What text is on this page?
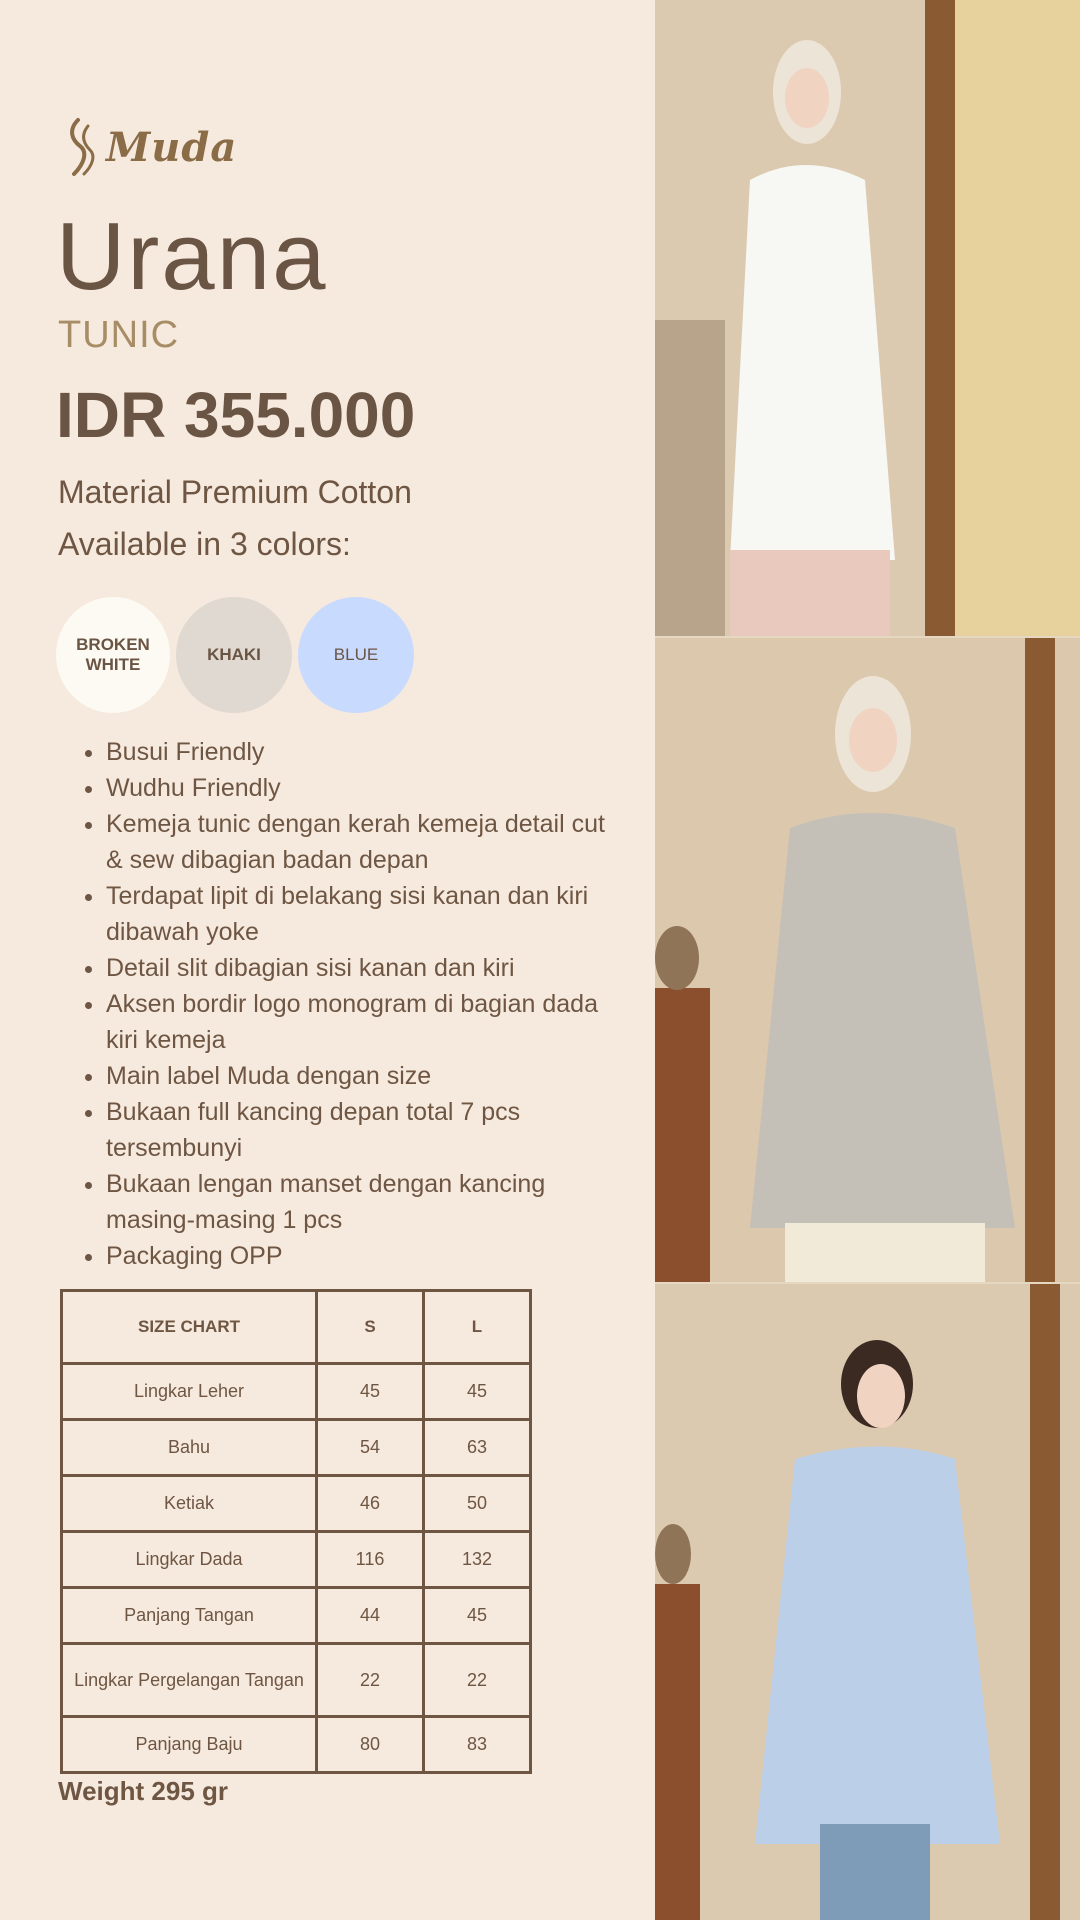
Muda
Urana
TUNIC
IDR 355.000
Material Premium Cotton
Available in 3 colors:
BROKEN
WHITE
KHAKI	BLUE
• Busui Friendly
• Wudhu Friendly
• Kemeja tunic dengan kerah kemeja detail cut & sew dibagian badan depan
• Terdapat lipit di belakang sisi kanan dan kiri dibawah yoke
• Detail slit dibagian sisi kanan dan kiri
• Aksen bordir logo monogram di bagian dada kiri kemeja
• Main label Muda dengan size
• Bukaan full kancing depan total 7 pcs tersembunyi
• Bukaan lengan manset dengan kancing masing-masing 1 pcs
• Packaging OPP
SIZE CHART	S	L
Lingkar Leher	45	45
Bahu	54	63
Ketiak	46	50
Lingkar Dada	116	132
Panjang Tangan	44	45
Lingkar Pergelangan Tangan	22	22
Panjang Baju	80	83
Weight 295 gr
